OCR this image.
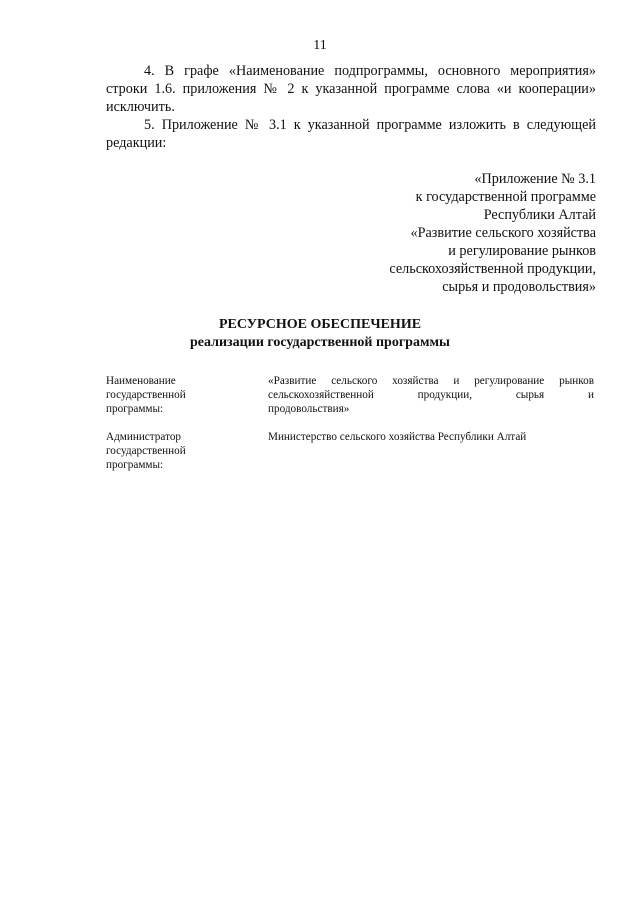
11
4. В графе «Наименование подпрограммы, основного мероприятия»
строки 1.6. приложения № 2 к указанной программе слова «и кооперации»
исключить.
5. Приложение № 3.1 к указанной программе изложить в следующей
редакции:
«Приложение № 3.1
к государственной программе
Республики Алтай
«Развитие сельского хозяйства
и регулирование рынков
сельскохозяйственной продукции,
сырья и продовольствия»
РЕСУРСНОЕ ОБЕСПЕЧЕНИЕ
реализации государственной программы
Наименование
государственной
программы:
«Развитие сельского хозяйства и регулирование рынков
сельскохозяйственной продукции, сырья и
продовольствия»
Администратор
государственной
программы:
Министерство сельского хозяйства Республики Алтай
